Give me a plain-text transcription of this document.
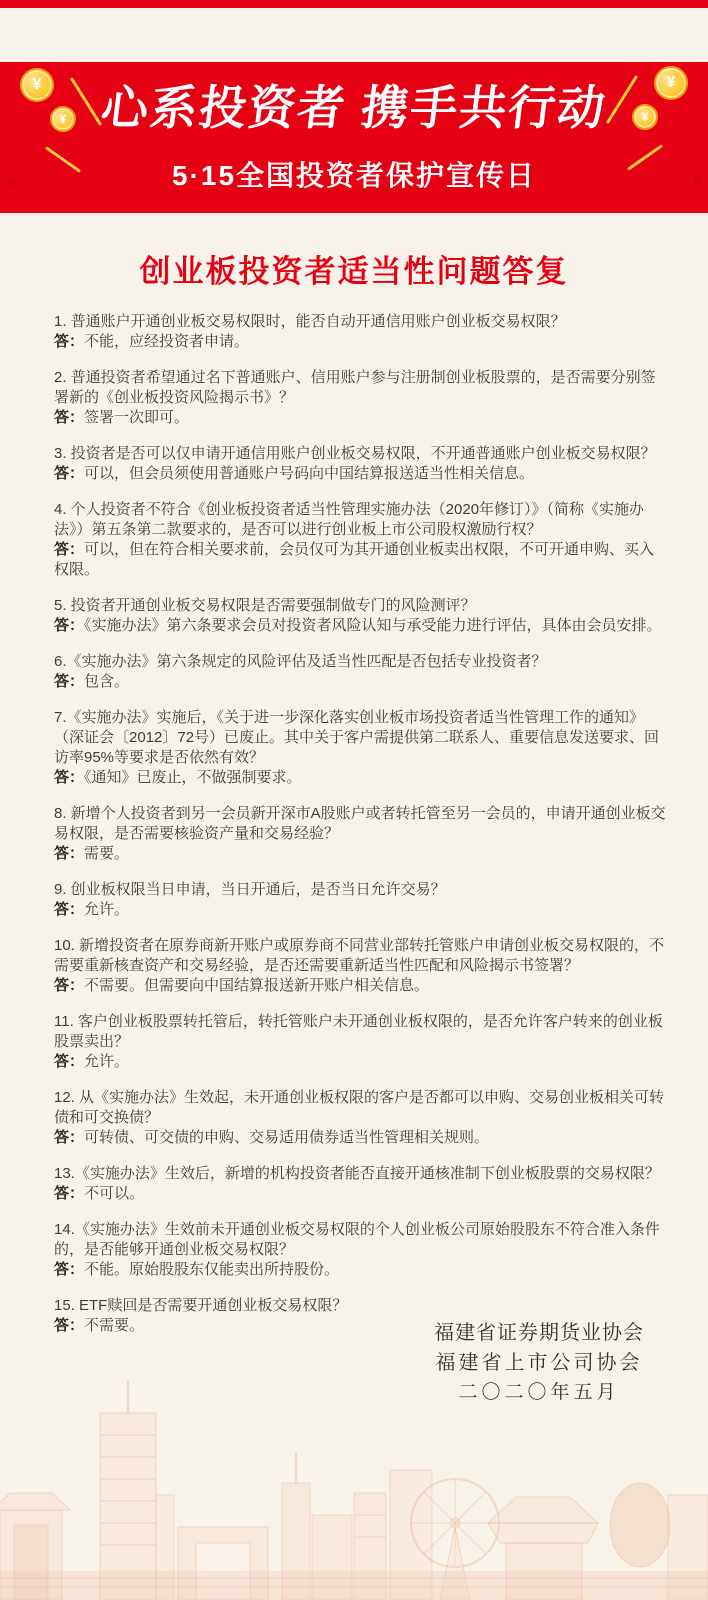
¥
¥
¥
¥
心系投资者 携手共行动
5·15全国投资者保护宣传日
创业板投资者适当性问题答复

1. 普通账户开通创业板交易权限时，能否自动开通信用账户创业板交易权限？

答：不能，应经投资者申请。

2. 普通投资者希望通过名下普通账户、信用账户参与注册制创业板股票的，是否需要分别签署新的《创业板投资风险揭示书》？

答：签署一次即可。

3. 投资者是否可以仅申请开通信用账户创业板交易权限，不开通普通账户创业板交易权限？

答：可以，但会员须使用普通账户号码向中国结算报送适当性相关信息。

4. 个人投资者不符合《创业板投资者适当性管理实施办法（2020年修订）》（简称《实施办法》）第五条第二款要求的，是否可以进行创业板上市公司股权激励行权？

答：可以，但在符合相关要求前，会员仅可为其开通创业板卖出权限，不可开通申购、买入权限。

5. 投资者开通创业板交易权限是否需要强制做专门的风险测评？

答：《实施办法》第六条要求会员对投资者风险认知与承受能力进行评估，具体由会员安排。

6.《实施办法》第六条规定的风险评估及适当性匹配是否包括专业投资者？

答：包含。

7.《实施办法》实施后，《关于进一步深化落实创业板市场投资者适当性管理工作的通知》（深证会〔2012〕72号）已废止。其中关于客户需提供第二联系人、重要信息发送要求、回访率95%等要求是否依然有效？

答：《通知》已废止，不做强制要求。

8. 新增个人投资者到另一会员新开深市A股账户或者转托管至另一会员的，申请开通创业板交易权限，是否需要核验资产量和交易经验？

答：需要。

9. 创业板权限当日申请，当日开通后，是否当日允许交易？

答：允许。

10. 新增投资者在原券商新开账户或原券商不同营业部转托管账户申请创业板交易权限的，不需要重新核查资产和交易经验，是否还需要重新适当性匹配和风险揭示书签署？

答：不需要。但需要向中国结算报送新开账户相关信息。

11. 客户创业板股票转托管后，转托管账户未开通创业板权限的，是否允许客户转来的创业板股票卖出？

答：允许。

12. 从《实施办法》生效起，未开通创业板权限的客户是否都可以申购、交易创业板相关可转债和可交换债？

答：可转债、可交债的申购、交易适用债券适当性管理相关规则。

13.《实施办法》生效后，新增的机构投资者能否直接开通核准制下创业板股票的交易权限？

答：不可以。

14.《实施办法》生效前未开通创业板交易权限的个人创业板公司原始股股东不符合准入条件的，是否能够开通创业板交易权限？

答：不能。原始股股东仅能卖出所持股份。

15. ETF赎回是否需要开通创业板交易权限？

答：不需要。	福建省证券期货业协会
福建省上市公司协会
二〇二〇年五月
